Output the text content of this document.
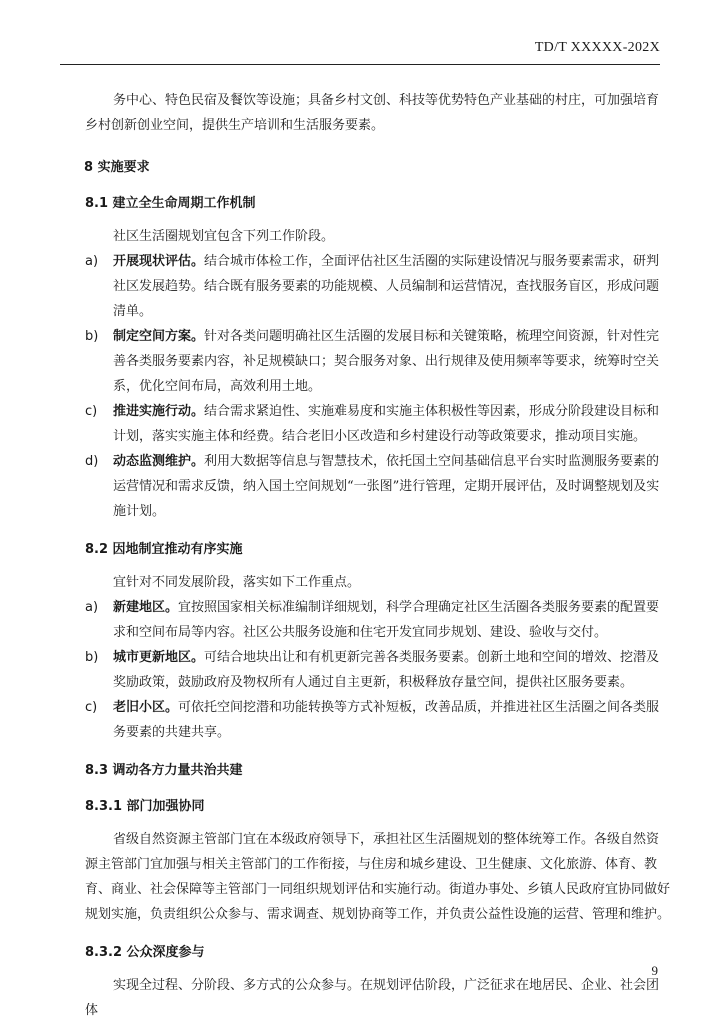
TD/T XXXXX-202X

务中心、特色民宿及餐饮等设施；具备乡村文创、科技等优势特色产业基础的村庄，可加强培育乡村创新创业空间，提供生产培训和生活服务要素。

8 实施要求
8.1 建立全生命周期工作机制

社区生活圈规划宜包含下列工作阶段。

a) 开展现状评估。结合城市体检工作，全面评估社区生活圈的实际建设情况与服务要素需求，研判社区发展趋势。结合既有服务要素的功能规模、人员编制和运营情况，查找服务盲区，形成问题清单。
b) 制定空间方案。针对各类问题明确社区生活圈的发展目标和关键策略，梳理空间资源，针对性完善各类服务要素内容，补足规模缺口；契合服务对象、出行规律及使用频率等要求，统筹时空关系，优化空间布局，高效利用土地。
c) 推进实施行动。结合需求紧迫性、实施难易度和实施主体积极性等因素，形成分阶段建设目标和计划，落实实施主体和经费。结合老旧小区改造和乡村建设行动等政策要求，推动项目实施。
d) 动态监测维护。利用大数据等信息与智慧技术，依托国土空间基础信息平台实时监测服务要素的运营情况和需求反馈，纳入国土空间规划“一张图”进行管理，定期开展评估，及时调整规划及实施计划。
8.2 因地制宜推动有序实施

宜针对不同发展阶段，落实如下工作重点。

a) 新建地区。宜按照国家相关标准编制详细规划，科学合理确定社区生活圈各类服务要素的配置要求和空间布局等内容。社区公共服务设施和住宅开发宜同步规划、建设、验收与交付。
b) 城市更新地区。可结合地块出让和有机更新完善各类服务要素。创新土地和空间的增效、挖潜及奖励政策，鼓励政府及物权所有人通过自主更新，积极释放存量空间，提供社区服务要素。
c) 老旧小区。可依托空间挖潜和功能转换等方式补短板，改善品质，并推进社区生活圈之间各类服务要素的共建共享。
8.3 调动各方力量共治共建
8.3.1 部门加强协同

省级自然资源主管部门宜在本级政府领导下，承担社区生活圈规划的整体统筹工作。各级自然资源主管部门宜加强与相关主管部门的工作衔接，与住房和城乡建设、卫生健康、文化旅游、体育、教育、商业、社会保障等主管部门一同组织规划评估和实施行动。街道办事处、乡镇人民政府宜协同做好规划实施，负责组织公众参与、需求调查、规划协商等工作，并负责公益性设施的运营、管理和维护。

8.3.2 公众深度参与

实现全过程、分阶段、多方式的公众参与。在规划评估阶段，广泛征求在地居民、企业、社会团体

9
